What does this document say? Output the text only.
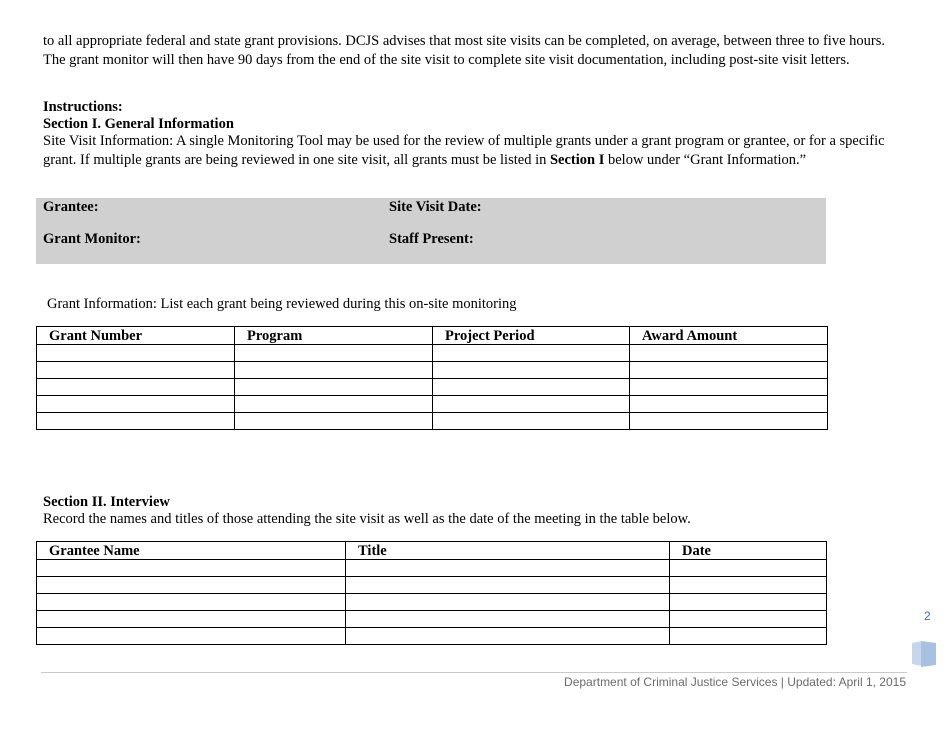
to all appropriate federal and state grant provisions. DCJS advises that most site visits can be completed, on average, between three to five hours.

The grant monitor will then have 90 days from the end of the site visit to complete site visit documentation, including post-site visit letters.

Instructions:

Section I. General Information

Site Visit Information: A single Monitoring Tool may be used for the review of multiple grants under a grant program or grantee, or for a specific

grant. If multiple grants are being reviewed in one site visit, all grants must be listed in Section I below under “Grant Information.”

Grantee:	Site Visit Date:
Grant Monitor:	Staff Present:

Grant Information: List each grant being reviewed during this on-site monitoring

Grant Number	Program	Project Period	Award Amount

Section II. Interview

Record the names and titles of those attending the site visit as well as the date of the meeting in the table below.

Grantee Name	Title	Date

2
Department of Criminal Justice Services | Updated: April 1, 2015
